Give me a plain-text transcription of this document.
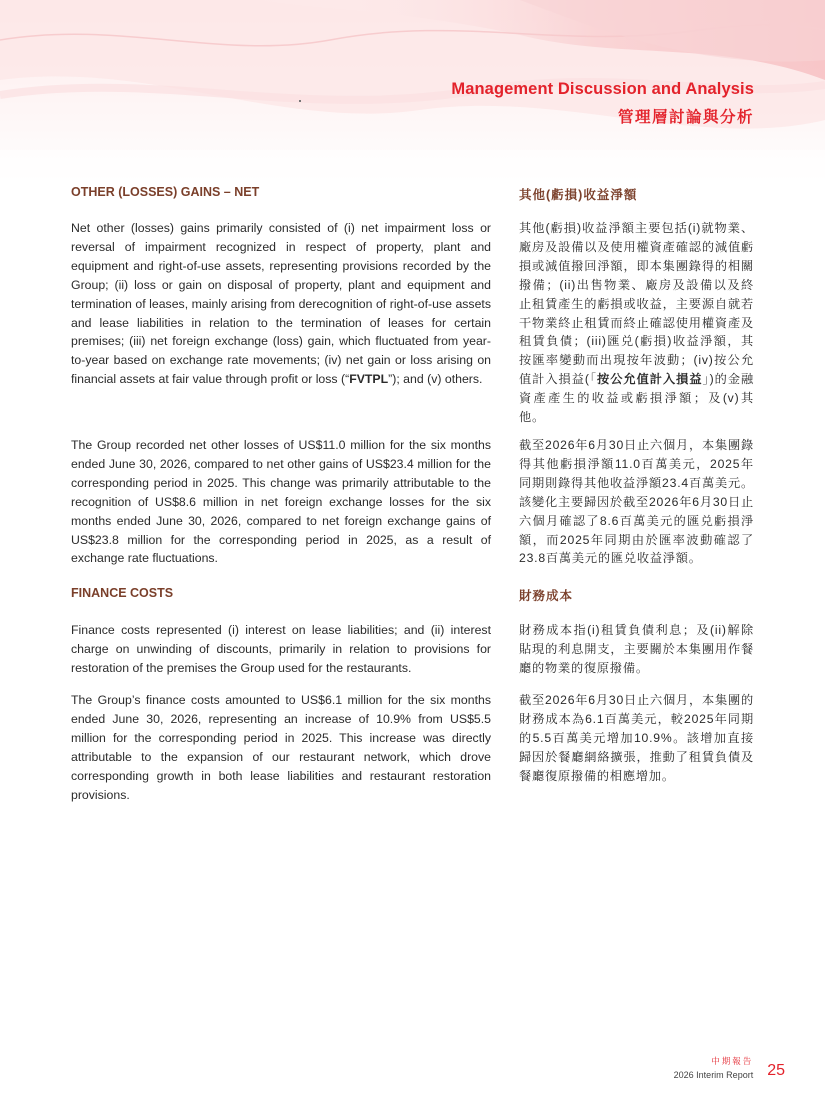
Management Discussion and Analysis
管理層討論與分析
OTHER (LOSSES) GAINS – NET	其他(虧損)收益淨額
Net other (losses) gains primarily consisted of (i) net impairment loss or reversal of impairment recognized in respect of property, plant and equipment and right-of-use assets, representing provisions recorded by the Group; (ii) loss or gain on disposal of property, plant and equipment and termination of leases, mainly arising from derecognition of right-of-use assets and lease liabilities in relation to the termination of leases for certain premises; (iii) net foreign exchange (loss) gain, which fluctuated from year-to-year based on exchange rate movements; (iv) net gain or loss arising on financial assets at fair value through profit or loss (“FVTPL”); and (v) others.
其他(虧損)收益淨額主要包括(i)就物業、廠房及設備以及使用權資產確認的減值虧損或減值撥回淨額，即本集團錄得的相關撥備；(ii)出售物業、廠房及設備以及終止租賃產生的虧損或收益，主要源自就若干物業終止租賃而終止確認使用權資產及租賃負債；(iii)匯兑(虧損)收益淨額，其按匯率變動而出現按年波動；(iv)按公允值計入損益(「按公允值計入損益」)的金融資產產生的收益或虧損淨額；及(v)其他。
The Group recorded net other losses of US$11.0 million for the six months ended June 30, 2026, compared to net other gains of US$23.4 million for the corresponding period in 2025. This change was primarily attributable to the recognition of US$8.6 million in net foreign exchange losses for the six months ended June 30, 2026, compared to net foreign exchange gains of US$23.8 million for the corresponding period in 2025, as a result of exchange rate fluctuations.
截至2026年6月30日止六個月，本集團錄得其他虧損淨額11.0百萬美元，2025年同期則錄得其他收益淨額23.4百萬美元。該變化主要歸因於截至2026年6月30日止六個月確認了8.6百萬美元的匯兑虧損淨額，而2025年同期由於匯率波動確認了23.8百萬美元的匯兑收益淨額。
FINANCE COSTS	財務成本
Finance costs represented (i) interest on lease liabilities; and (ii) interest charge on unwinding of discounts, primarily in relation to provisions for restoration of the premises the Group used for the restaurants.
財務成本指(i)租賃負債利息；及(ii)解除貼現的利息開支，主要關於本集團用作餐廳的物業的復原撥備。
The Group’s finance costs amounted to US$6.1 million for the six months ended June 30, 2026, representing an increase of 10.9% from US$5.5 million for the corresponding period in 2025. This increase was directly attributable to the expansion of our restaurant network, which drove corresponding growth in both lease liabilities and restaurant restoration provisions.
截至2026年6月30日止六個月，本集團的財務成本為6.1百萬美元，較2025年同期的5.5百萬美元增加10.9%。該增加直接歸因於餐廳網絡擴張，推動了租賃負債及餐廳復原撥備的相應增加。
中期報告
2026 Interim Report 25
